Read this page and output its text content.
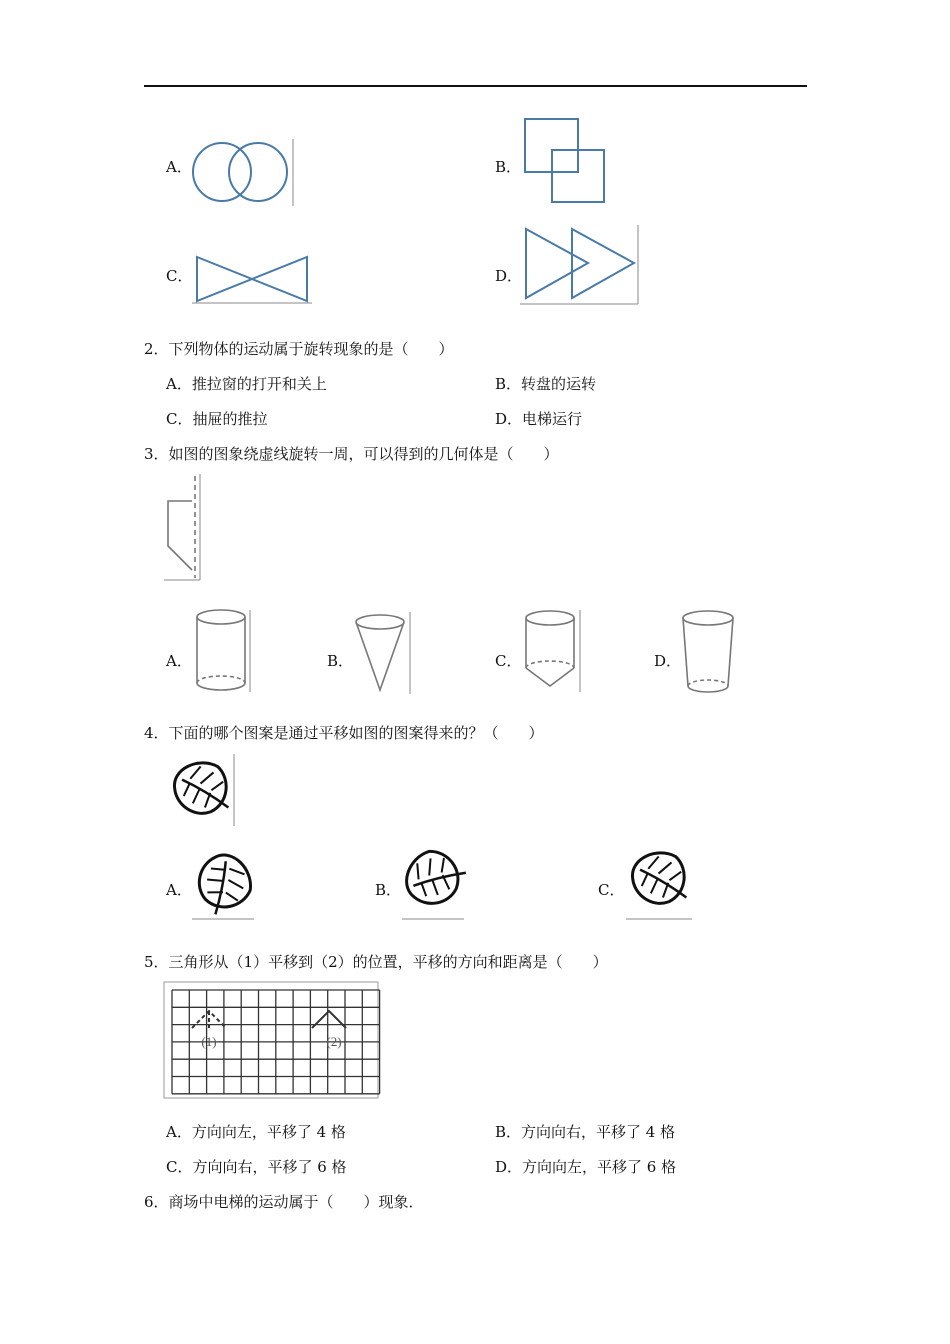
A．	B．
C．	D．
2．下列物体的运动属于旋转现象的是（　　）
A．推拉窗的打开和关上	B．转盘的运转
C．抽屉的推拉	D．电梯运行
3．如图的图象绕虚线旋转一周，可以得到的几何体是（　　）
A．	B．	C．	D．
4．下面的哪个图案是通过平移如图的图案得来的？（　　）
A．	B．	C．
5．三角形从（1）平移到（2）的位置，平移的方向和距离是（　　）
(1)	(2)
A．方向向左，平移了 4 格	B．方向向右，平移了 4 格
C．方向向右，平移了 6 格	D．方向向左，平移了 6 格
6．商场中电梯的运动属于（　　）现象．
